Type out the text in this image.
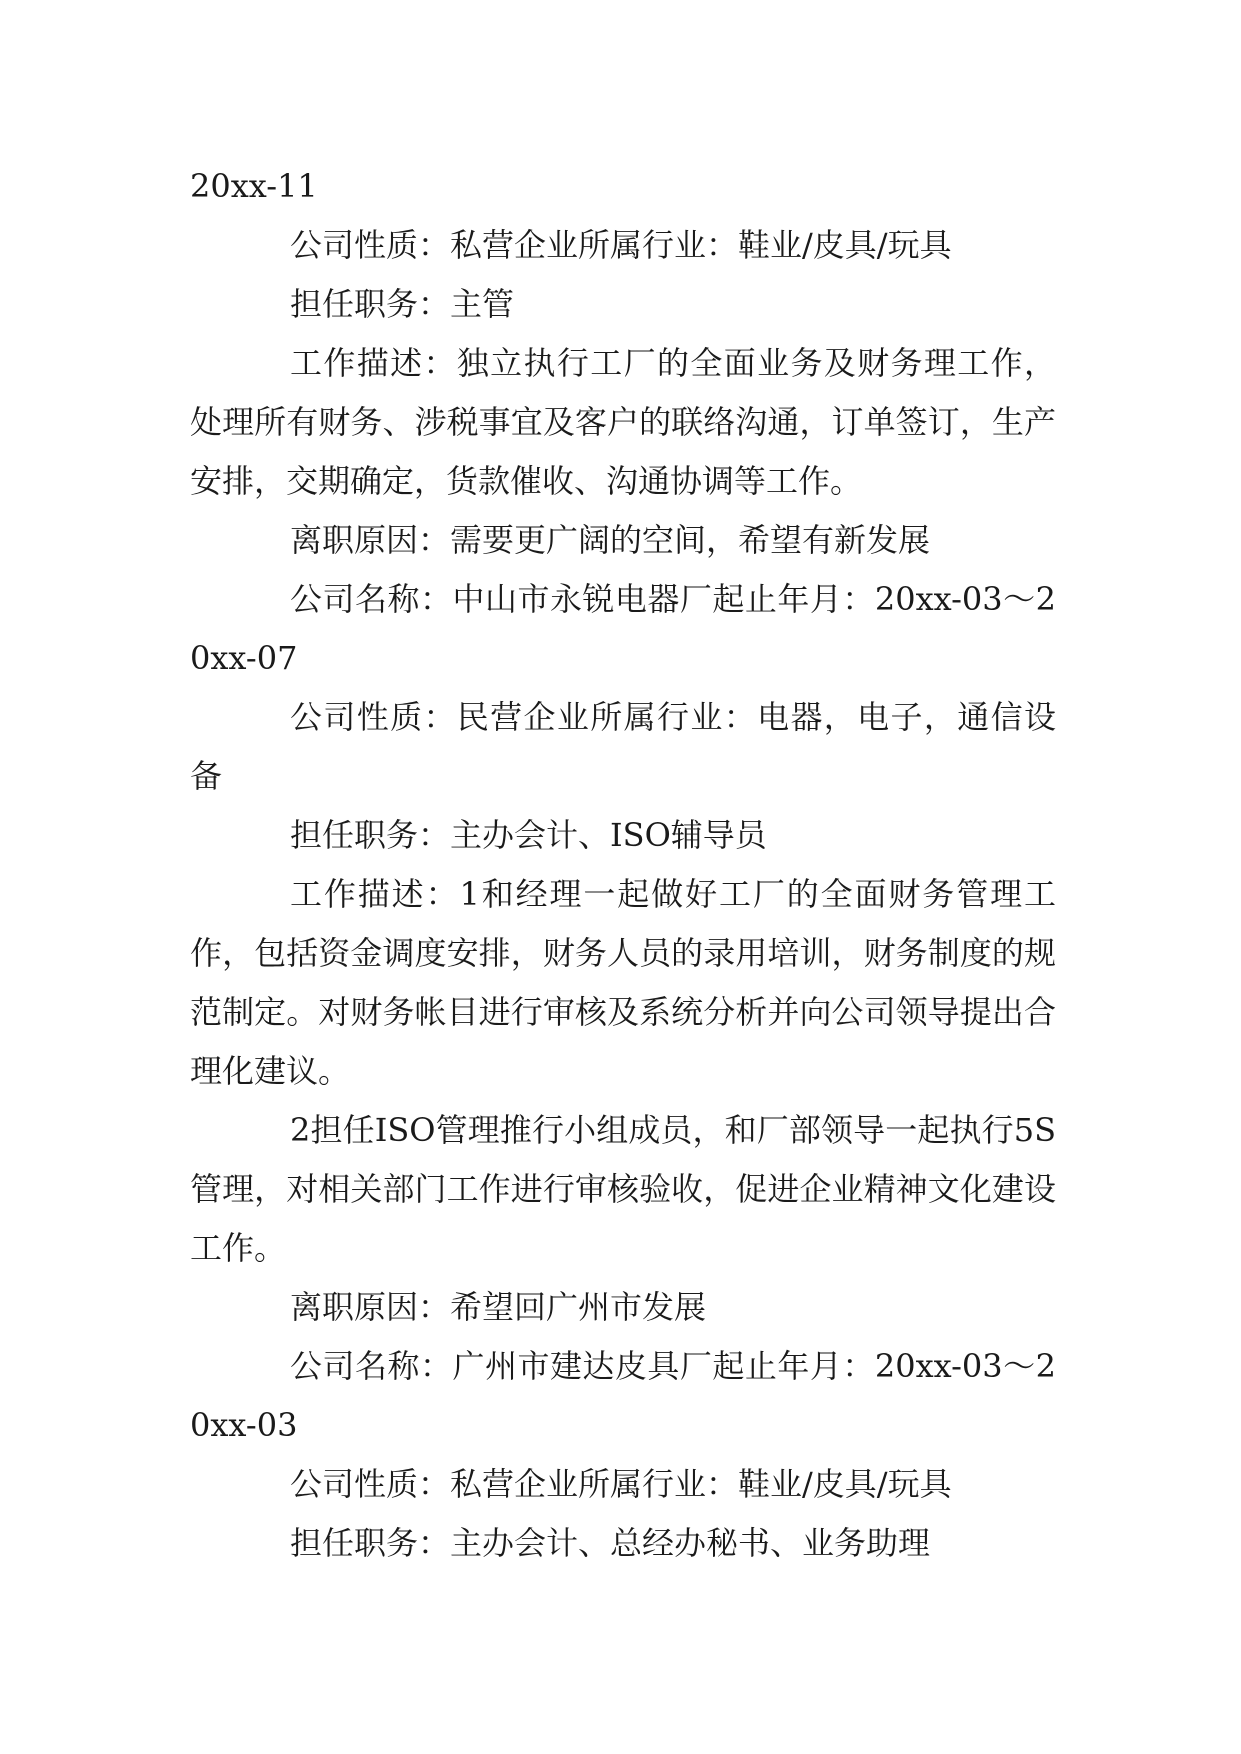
20xx-11

公司性质：私营企业所属行业：鞋业/皮具/玩具

担任职务：主管

工作描述：独立执行工厂的全面业务及财务理工作，处理所有财务、涉税事宜及客户的联络沟通，订单签订，生产安排，交期确定，货款催收、沟通协调等工作。

离职原因：需要更广阔的空间，希望有新发展

公司名称：中山市永锐电器厂起止年月：20xx-03～20xx-07

公司性质：民营企业所属行业：电器，电子，通信设备

担任职务：主办会计、ISO辅导员

工作描述：1和经理一起做好工厂的全面财务管理工作，包括资金调度安排，财务人员的录用培训，财务制度的规范制定。对财务帐目进行审核及系统分析并向公司领导提出合理化建议。

2担任ISO管理推行小组成员，和厂部领导一起执行5S管理，对相关部门工作进行审核验收，促进企业精神文化建设工作。

离职原因：希望回广州市发展

公司名称：广州市建达皮具厂起止年月：20xx-03～20xx-03

公司性质：私营企业所属行业：鞋业/皮具/玩具

担任职务：主办会计、总经办秘书、业务助理
